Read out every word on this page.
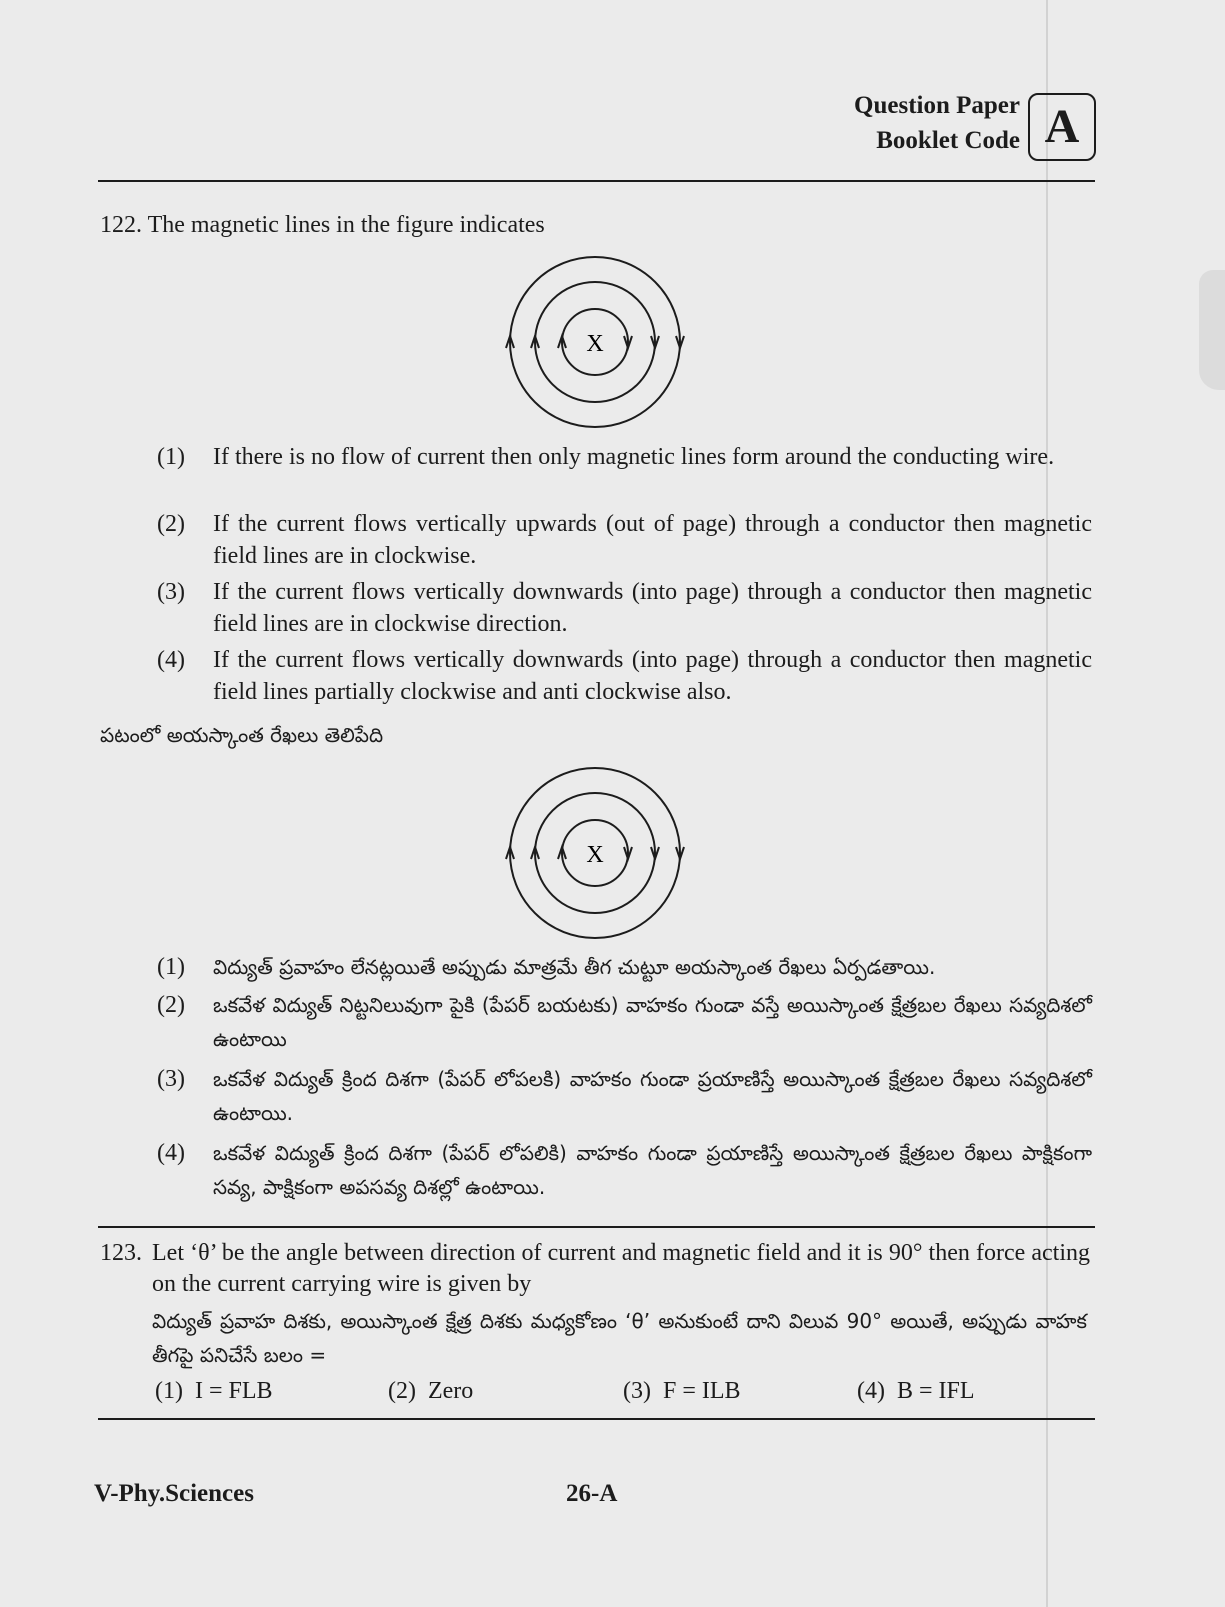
Question Paper
Booklet Code A
122. The magnetic lines in the figure indicates
X
(1)	If there is no flow of current then only magnetic lines form around the conducting wire.
(2)	If the current flows vertically upwards (out of page) through a conductor then magnetic field lines are in clockwise.
(3)	If the current flows vertically downwards (into page) through a conductor then magnetic field lines are in clockwise direction.
(4)	If the current flows vertically downwards (into page) through a conductor then magnetic field lines partially clockwise and anti clockwise also.
పటంలో అయస్కాంత రేఖలు తెలిపేది
X
(1)	విద్యుత్ ప్రవాహం లేనట్లయితే అప్పుడు మాత్రమే తీగ చుట్టూ అయస్కాంత రేఖలు ఏర్పడతాయి.
(2)	ఒకవేళ విద్యుత్ నిట్టనిలువుగా పైకి (పేపర్ బయటకు) వాహకం గుండా వస్తే అయిస్కాంత క్షేత్రబల రేఖలు సవ్యదిశలో ఉంటాయి
(3)	ఒకవేళ విద్యుత్ క్రింద దిశగా (పేపర్ లోపలకి) వాహకం గుండా ప్రయాణిస్తే అయిస్కాంత క్షేత్రబల రేఖలు సవ్యదిశలో ఉంటాయి.
(4)	ఒకవేళ విద్యుత్ క్రింద దిశగా (పేపర్ లోపలికి) వాహకం గుండా ప్రయాణిస్తే అయిస్కాంత క్షేత్రబల రేఖలు పాక్షికంగా సవ్య, పాక్షికంగా అపసవ్య దిశల్లో ఉంటాయి.
123. Let ‘θ’ be the angle between direction of current and magnetic field and it is 90° then force acting on the current carrying wire is given by
విద్యుత్ ప్రవాహ దిశకు, అయిస్కాంత క్షేత్ర దిశకు మధ్యకోణం ‘θ’ అనుకుంటే దాని విలువ 90° అయితే, అప్పుడు వాహక తీగపై పనిచేసే బలం =
(1) I = FLB	(2) Zero	(3) F = ILB	(4) B = IFL
V-Phy.Sciences	26-A
